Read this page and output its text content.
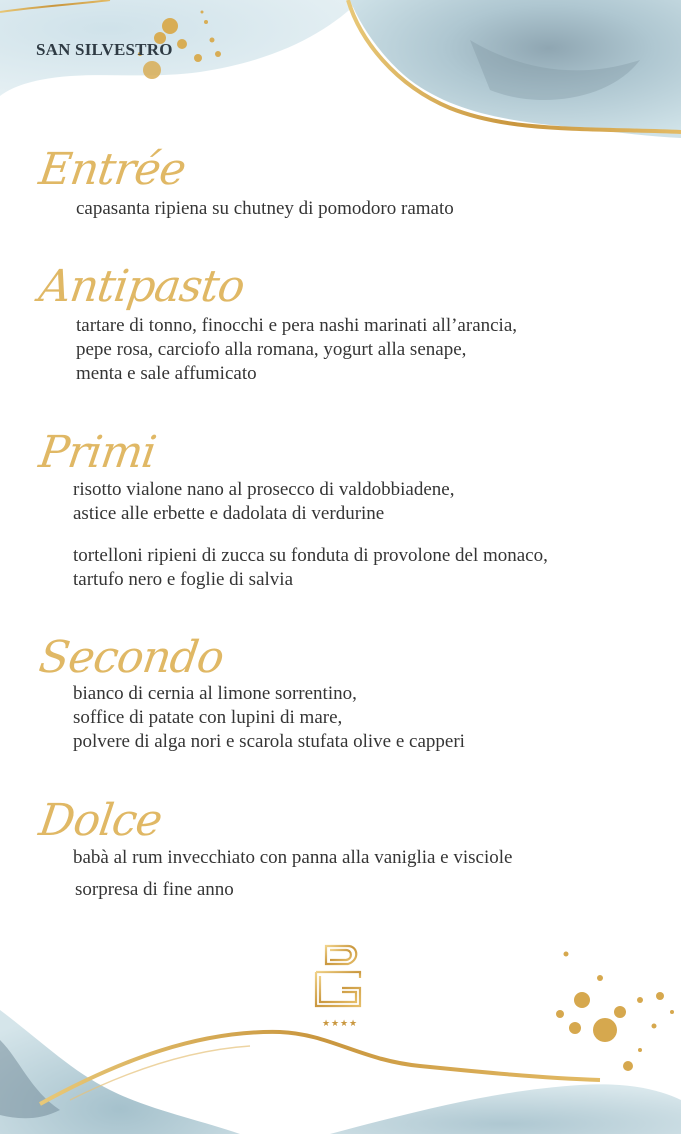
SAN SILVESTRO
Entrée
capasanta ripiena su chutney di pomodoro ramato
Antipasto
tartare di tonno, finocchi e pera nashi marinati all’arancia,
pepe rosa, carciofo alla romana, yogurt alla senape,
menta e sale affumicato
Primi
risotto vialone nano al prosecco di valdobbiadene,
astice alle erbette e dadolata di verdurine
tortelloni ripieni di zucca su fonduta di provolone del monaco,
tartufo nero e foglie di salvia
Secondo
bianco di cernia al limone sorrentino,
soffice di patate con lupini di mare,
polvere di alga nori e scarola stufata olive e capperi
Dolce
babà al rum invecchiato con panna alla vaniglia e visciole
sorpresa di fine anno
★ ★ ★ ★
